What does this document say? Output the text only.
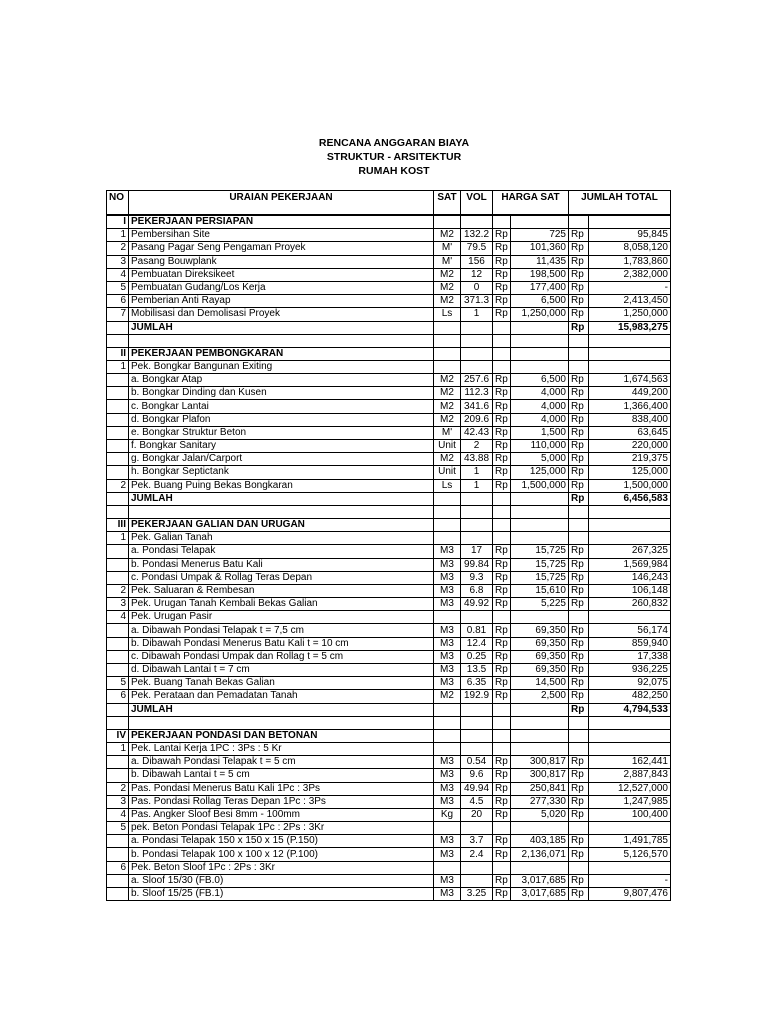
RENCANA ANGGARAN BIAYA
STRUKTUR - ARSITEKTUR
RUMAH KOST
NO	URAIAN PEKERJAAN	SAT	VOL	HARGA SAT		JUMLAH TOTAL	
I	PEKERJAAN PERSIAPAN						
1	Pembersihan Site	M2	132.2	Rp	725	Rp	95,845
2	Pasang Pagar Seng Pengaman Proyek	M'	79.5	Rp	101,360	Rp	8,058,120
3	Pasang Bouwplank	M'	156	Rp	11,435	Rp	1,783,860
4	Pembuatan Direksikeet	M2	12	Rp	198,500	Rp	2,382,000
5	Pembuatan Gudang/Los Kerja	M2	0	Rp	177,400	Rp	-
6	Pemberian Anti Rayap	M2	371.3	Rp	6,500	Rp	2,413,450
7	Mobilisasi dan Demolisasi Proyek	Ls	1	Rp	1,250,000	Rp	1,250,000
	JUMLAH					Rp	15,983,275

II	PEKERJAAN PEMBONGKARAN						
1	Pek. Bongkar Bangunan Exiting						
	a. Bongkar Atap	M2	257.6	Rp	6,500	Rp	1,674,563
	b. Bongkar Dinding dan Kusen	M2	112.3	Rp	4,000	Rp	449,200
	c. Bongkar Lantai	M2	341.6	Rp	4,000	Rp	1,366,400
	d. Bongkar Plafon	M2	209.6	Rp	4,000	Rp	838,400
	e. Bongkar Struktur Beton	M'	42.43	Rp	1,500	Rp	63,645
	f. Bongkar Sanitary	Unit	2	Rp	110,000	Rp	220,000
	g. Bongkar Jalan/Carport	M2	43.88	Rp	5,000	Rp	219,375
	h. Bongkar Septictank	Unit	1	Rp	125,000	Rp	125,000
2	Pek. Buang Puing Bekas Bongkaran	Ls	1	Rp	1,500,000	Rp	1,500,000
	JUMLAH					Rp	6,456,583

III	PEKERJAAN GALIAN DAN URUGAN						
1	Pek. Galian Tanah						
	a. Pondasi Telapak	M3	17	Rp	15,725	Rp	267,325
	b. Pondasi Menerus Batu Kali	M3	99.84	Rp	15,725	Rp	1,569,984
	c. Pondasi Umpak & Rollag Teras Depan	M3	9.3	Rp	15,725	Rp	146,243
2	Pek. Saluaran & Rembesan	M3	6.8	Rp	15,610	Rp	106,148
3	Pek. Urugan Tanah Kembali Bekas Galian	M3	49.92	Rp	5,225	Rp	260,832
4	Pek. Urugan Pasir						
	a. Dibawah Pondasi Telapak t = 7,5 cm	M3	0.81	Rp	69,350	Rp	56,174
	b. Dibawah Pondasi Menerus Batu Kali t = 10 cm	M3	12.4	Rp	69,350	Rp	859,940
	c. Dibawah Pondasi Umpak dan Rollag t = 5 cm	M3	0.25	Rp	69,350	Rp	17,338
	d. Dibawah Lantai t = 7 cm	M3	13.5	Rp	69,350	Rp	936,225
5	Pek. Buang Tanah Bekas Galian	M3	6.35	Rp	14,500	Rp	92,075
6	Pek. Perataan dan Pemadatan Tanah	M2	192.9	Rp	2,500	Rp	482,250
	JUMLAH					Rp	4,794,533

IV	PEKERJAAN PONDASI DAN BETONAN						
1	Pek. Lantai Kerja 1PC : 3Ps : 5 Kr						
	a. Dibawah Pondasi Telapak t = 5 cm	M3	0.54	Rp	300,817	Rp	162,441
	b. Dibawah Lantai t = 5 cm	M3	9.6	Rp	300,817	Rp	2,887,843
2	Pas. Pondasi Menerus Batu Kali 1Pc : 3Ps	M3	49.94	Rp	250,841	Rp	12,527,000
3	Pas. Pondasi Rollag Teras Depan 1Pc : 3Ps	M3	4.5	Rp	277,330	Rp	1,247,985
4	Pas. Angker Sloof Besi 8mm - 100mm	Kg	20	Rp	5,020	Rp	100,400
5	pek. Beton Pondasi Telapak 1Pc : 2Ps : 3Kr						
	a. Pondasi Telapak 150 x 150 x 15 (P.150)	M3	3.7	Rp	403,185	Rp	1,491,785
	b. Pondasi Telapak 100 x 100 x 12 (P.100)	M3	2.4	Rp	2,136,071	Rp	5,126,570
6	Pek. Beton Sloof 1Pc : 2Ps : 3Kr						
	a. Sloof 15/30 (FB.0)	M3		Rp	3,017,685	Rp	-
	b. Sloof 15/25 (FB.1)	M3	3.25	Rp	3,017,685	Rp	9,807,476
